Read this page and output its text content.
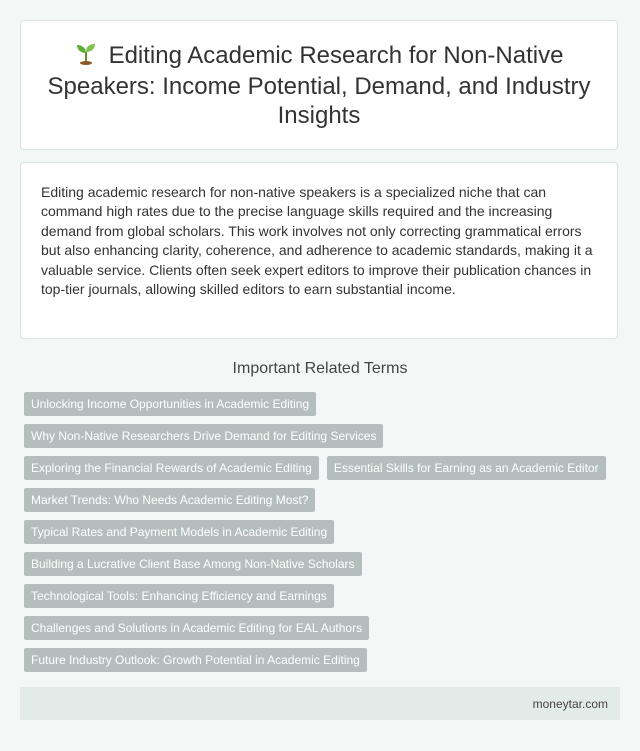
Editing Academic Research for Non-Native Speakers: Income Potential, Demand, and Industry Insights

Editing academic research for non-native speakers is a specialized niche that can command high rates due to the precise language skills required and the increasing demand from global scholars. This work involves not only correcting grammatical errors but also enhancing clarity, coherence, and adherence to academic standards, making it a valuable service. Clients often seek expert editors to improve their publication chances in top-tier journals, allowing skilled editors to earn substantial income.

Important Related Terms
Unlocking Income Opportunities in Academic Editing
Why Non-Native Researchers Drive Demand for Editing Services
Exploring the Financial Rewards of Academic Editing	Essential Skills for Earning as an Academic Editor
Market Trends: Who Needs Academic Editing Most?
Typical Rates and Payment Models in Academic Editing
Building a Lucrative Client Base Among Non-Native Scholars
Technological Tools: Enhancing Efficiency and Earnings
Challenges and Solutions in Academic Editing for EAL Authors
Future Industry Outlook: Growth Potential in Academic Editing
moneytar.com
